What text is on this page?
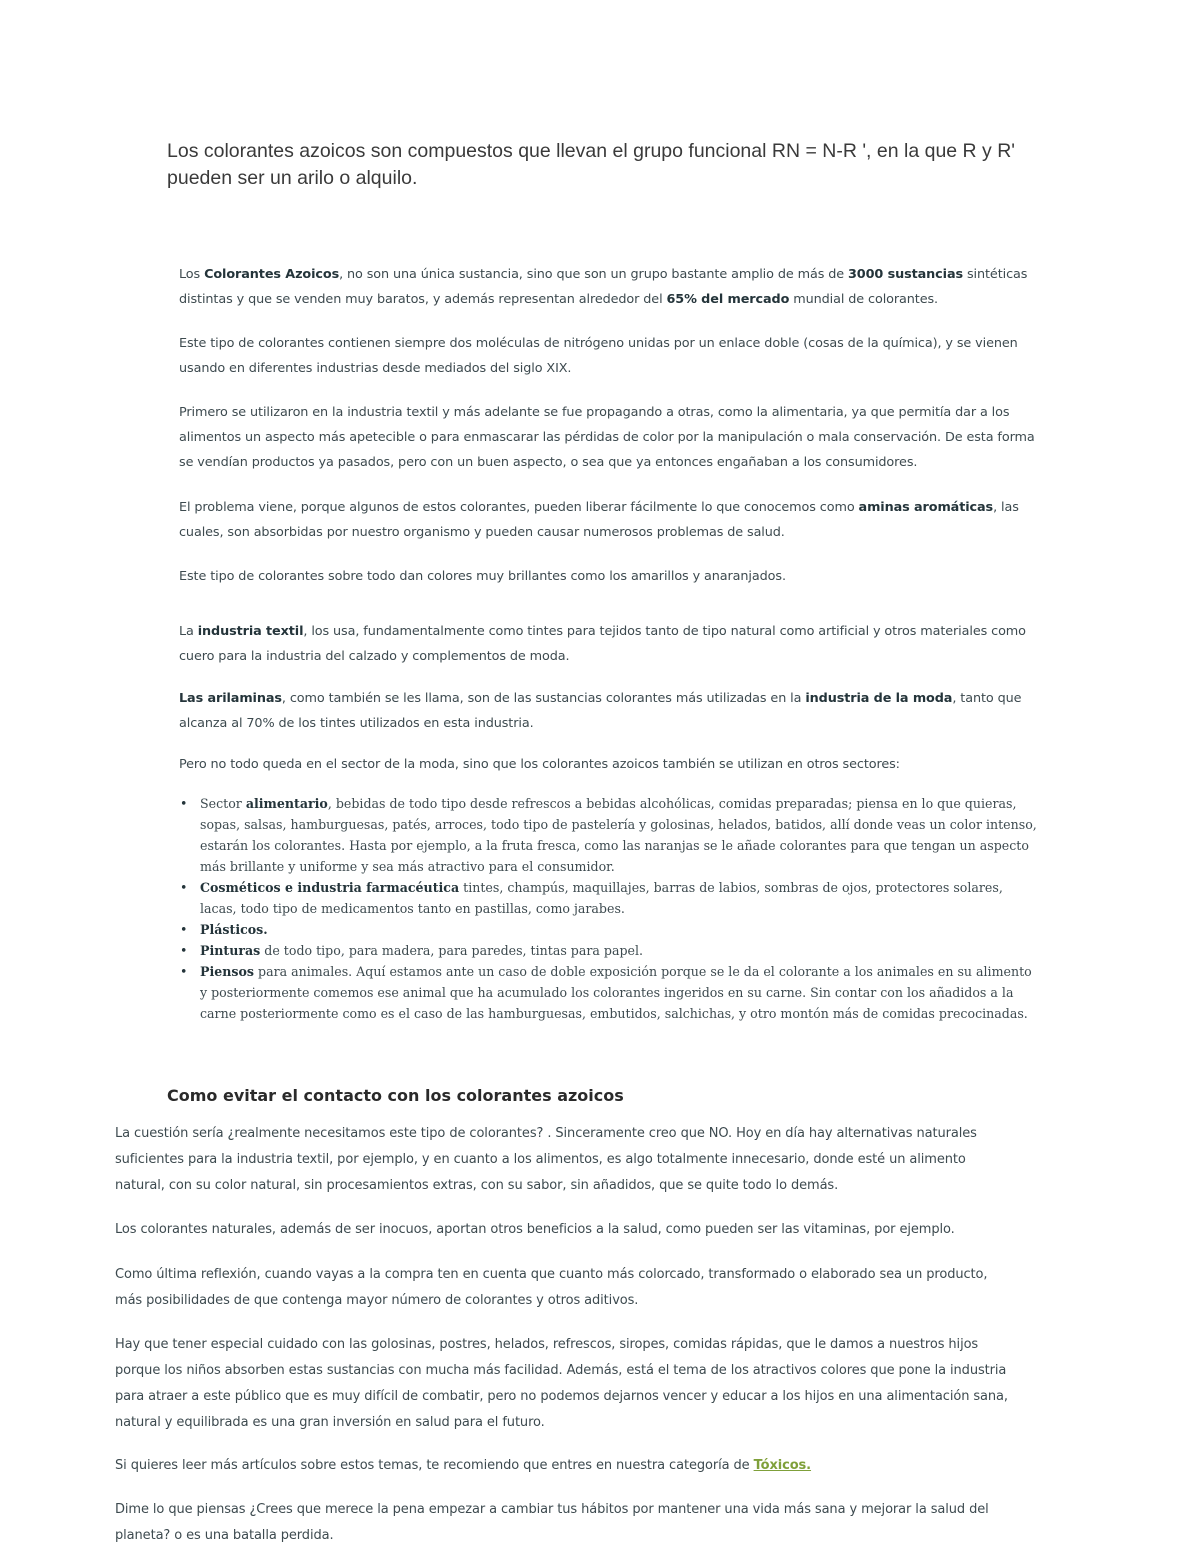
Los colorantes azoicos son compuestos que llevan el grupo funcional RN = N-R ', en la que R y R' pueden ser un arilo o alquilo.

Los Colorantes Azoicos, no son una única sustancia, sino que son un grupo bastante amplio de más de 3000 sustancias sintéticas distintas y que se venden muy baratos, y además representan alrededor del 65% del mercado mundial de colorantes.

Este tipo de colorantes contienen siempre dos moléculas de nitrógeno unidas por un enlace doble (cosas de la química), y se vienen usando en diferentes industrias desde mediados del siglo XIX.

Primero se utilizaron en la industria textil y más adelante se fue propagando a otras, como la alimentaria, ya que permitía dar a los alimentos un aspecto más apetecible o para enmascarar las pérdidas de color por la manipulación o mala conservación. De esta forma se vendían productos ya pasados, pero con un buen aspecto, o sea que ya entonces engañaban a los consumidores.

El problema viene, porque algunos de estos colorantes, pueden liberar fácilmente lo que conocemos como aminas aromáticas, las cuales, son absorbidas por nuestro organismo y pueden causar numerosos problemas de salud.

Este tipo de colorantes sobre todo dan colores muy brillantes como los amarillos y anaranjados.

La industria textil, los usa, fundamentalmente como tintes para tejidos tanto de tipo natural como artificial y otros materiales como cuero para la industria del calzado y complementos de moda.

Las arilaminas, como también se les llama, son de las sustancias colorantes más utilizadas en la industria de la moda, tanto que alcanza al 70% de los tintes utilizados en esta industria.

Pero no todo queda en el sector de la moda, sino que los colorantes azoicos también se utilizan en otros sectores:

• Sector alimentario, bebidas de todo tipo desde refrescos a bebidas alcohólicas, comidas preparadas; piensa en lo que quieras, sopas, salsas, hamburguesas, patés, arroces, todo tipo de pastelería y golosinas, helados, batidos, allí donde veas un color intenso, estarán los colorantes. Hasta por ejemplo, a la fruta fresca, como las naranjas se le añade colorantes para que tengan un aspecto más brillante y uniforme y sea más atractivo para el consumidor.
• Cosméticos e industria farmacéutica tintes, champús, maquillajes, barras de labios, sombras de ojos, protectores solares, lacas, todo tipo de medicamentos tanto en pastillas, como jarabes.
• Plásticos.
• Pinturas de todo tipo, para madera, para paredes, tintas para papel.
• Piensos para animales. Aquí estamos ante un caso de doble exposición porque se le da el colorante a los animales en su alimento y posteriormente comemos ese animal que ha acumulado los colorantes ingeridos en su carne. Sin contar con los añadidos a la carne posteriormente como es el caso de las hamburguesas, embutidos, salchichas, y otro montón más de comidas precocinadas.
Como evitar el contacto con los colorantes azoicos

La cuestión sería ¿realmente necesitamos este tipo de colorantes? . Sinceramente creo que NO. Hoy en día hay alternativas naturales suficientes para la industria textil, por ejemplo, y en cuanto a los alimentos, es algo totalmente innecesario, donde esté un alimento natural, con su color natural, sin procesamientos extras, con su sabor, sin añadidos, que se quite todo lo demás.

Los colorantes naturales, además de ser inocuos, aportan otros beneficios a la salud, como pueden ser las vitaminas, por ejemplo.

Como última reflexión, cuando vayas a la compra ten en cuenta que cuanto más colorcado, transformado o elaborado sea un producto, más posibilidades de que contenga mayor número de colorantes y otros aditivos.

Hay que tener especial cuidado con las golosinas, postres, helados, refrescos, siropes, comidas rápidas, que le damos a nuestros hijos porque los niños absorben estas sustancias con mucha más facilidad. Además, está el tema de los atractivos colores que pone la industria para atraer a este público que es muy difícil de combatir, pero no podemos dejarnos vencer y educar a los hijos en una alimentación sana, natural y equilibrada es una gran inversión en salud para el futuro.

Si quieres leer más artículos sobre estos temas, te recomiendo que entres en nuestra categoría de Tóxicos.

Dime lo que piensas ¿Crees que merece la pena empezar a cambiar tus hábitos por mantener una vida más sana y mejorar la salud del planeta? o es una batalla perdida.
